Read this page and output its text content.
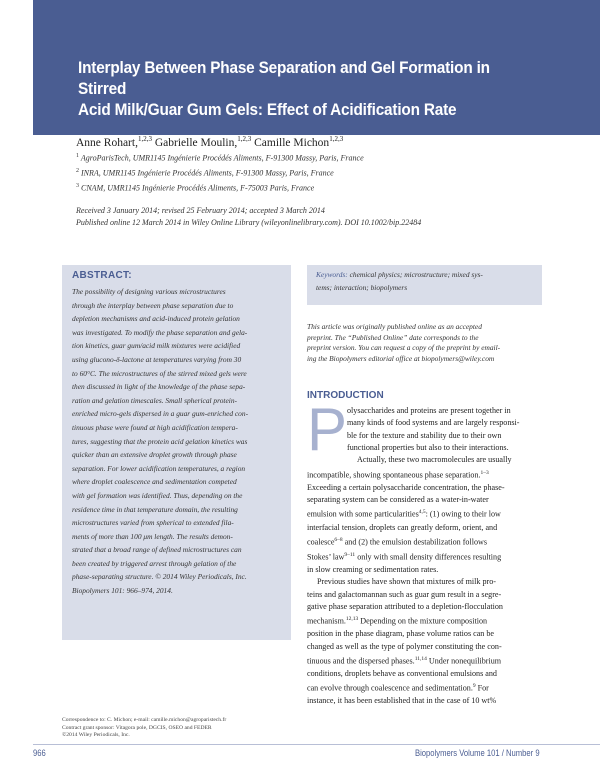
Interplay Between Phase Separation and Gel Formation in Stirred
Acid Milk/Guar Gum Gels: Effect of Acidification Rate
Anne Rohart,$^{1,2,3}$ Gabrielle Moulin,$^{1,2,3}$ Camille Michon$^{1,2,3}$
$^1$ AgroParisTech, UMR1145 Ingénierie Procédés Aliments, F-91300 Massy, Paris, France
$^2$ INRA, UMR1145 Ingénierie Procédés Aliments, F-91300 Massy, Paris, France
$^3$ CNAM, UMR1145 Ingénierie Procédés Aliments, F-75003 Paris, France
Received 3 January 2014; revised 25 February 2014; accepted 3 March 2014
Published online 12 March 2014 in Wiley Online Library (wileyonlinelibrary.com). DOI 10.1002/bip.22484
ABSTRACT:
The possibility of designing various microstructures
through the interplay between phase separation due to
depletion mechanisms and acid-induced protein gelation
was investigated. To modify the phase separation and gela-
tion kinetics, guar gum/acid milk mixtures were acidified
using glucono-δ-lactone at temperatures varying from 30
to 60°C. The microstructures of the stirred mixed gels were
then discussed in light of the knowledge of the phase sepa-
ration and gelation timescales. Small spherical protein-
enriched micro-gels dispersed in a guar gum-enriched con-
tinuous phase were found at high acidification tempera-
tures, suggesting that the protein acid gelation kinetics was
quicker than an extensive droplet growth through phase
separation. For lower acidification temperatures, a region
where droplet coalescence and sedimentation competed
with gel formation was identified. Thus, depending on the
residence time in that temperature domain, the resulting
microstructures varied from spherical to extended fila-
ments of more than 100 μm length. The results demon-
strated that a broad range of defined microstructures can
been created by triggered arrest through gelation of the
phase-separating structure. © 2014 Wiley Periodicals, Inc.
Biopolymers 101: 966–974, 2014.
Keywords: chemical physics; microstructure; mixed sys-
tems; interaction; biopolymers
This article was originally published online as an accepted
preprint. The “Published Online” date corresponds to the
preprint version. You can request a copy of the preprint by email-
ing the Biopolymers editorial office at biopolymers@wiley.com
INTRODUCTION
P olysaccharides and proteins are present together in
many kinds of food systems and are largely responsi-
ble for the texture and stability due to their own
functional properties but also to their interactions.
Actually, these two macromolecules are usually
incompatible, showing spontaneous phase separation.$^{1-3}$
Exceeding a certain polysaccharide concentration, the phase-
separating system can be considered as a water-in-water
emulsion with some particularities$^{4,5}$: (1) owing to their low
interfacial tension, droplets can greatly deform, orient, and
coalesce$^{6-8}$ and (2) the emulsion destabilization follows
Stokes’ law$^{9-11}$ only with small density differences resulting
in slow creaming or sedimentation rates.
Previous studies have shown that mixtures of milk pro-
teins and galactomannan such as guar gum result in a segre-
gative phase separation attributed to a depletion-flocculation
mechanism.$^{12,13}$ Depending on the mixture composition
position in the phase diagram, phase volume ratios can be
changed as well as the type of polymer constituting the con-
tinuous and the dispersed phases.$^{11,14}$ Under nonequilibrium
conditions, droplets behave as conventional emulsions and
can evolve through coalescence and sedimentation.$^9$ For
instance, it has been established that in the case of 10 wt%
Correspondence to: C. Michon; e-mail: camille.michon@agroparistech.fr
Contract grant sponsor: Vitagora pole, DGCIS, OSEO and FEDER
©2014 Wiley Periodicals, Inc.
966	Biopolymers Volume 101 / Number 9
